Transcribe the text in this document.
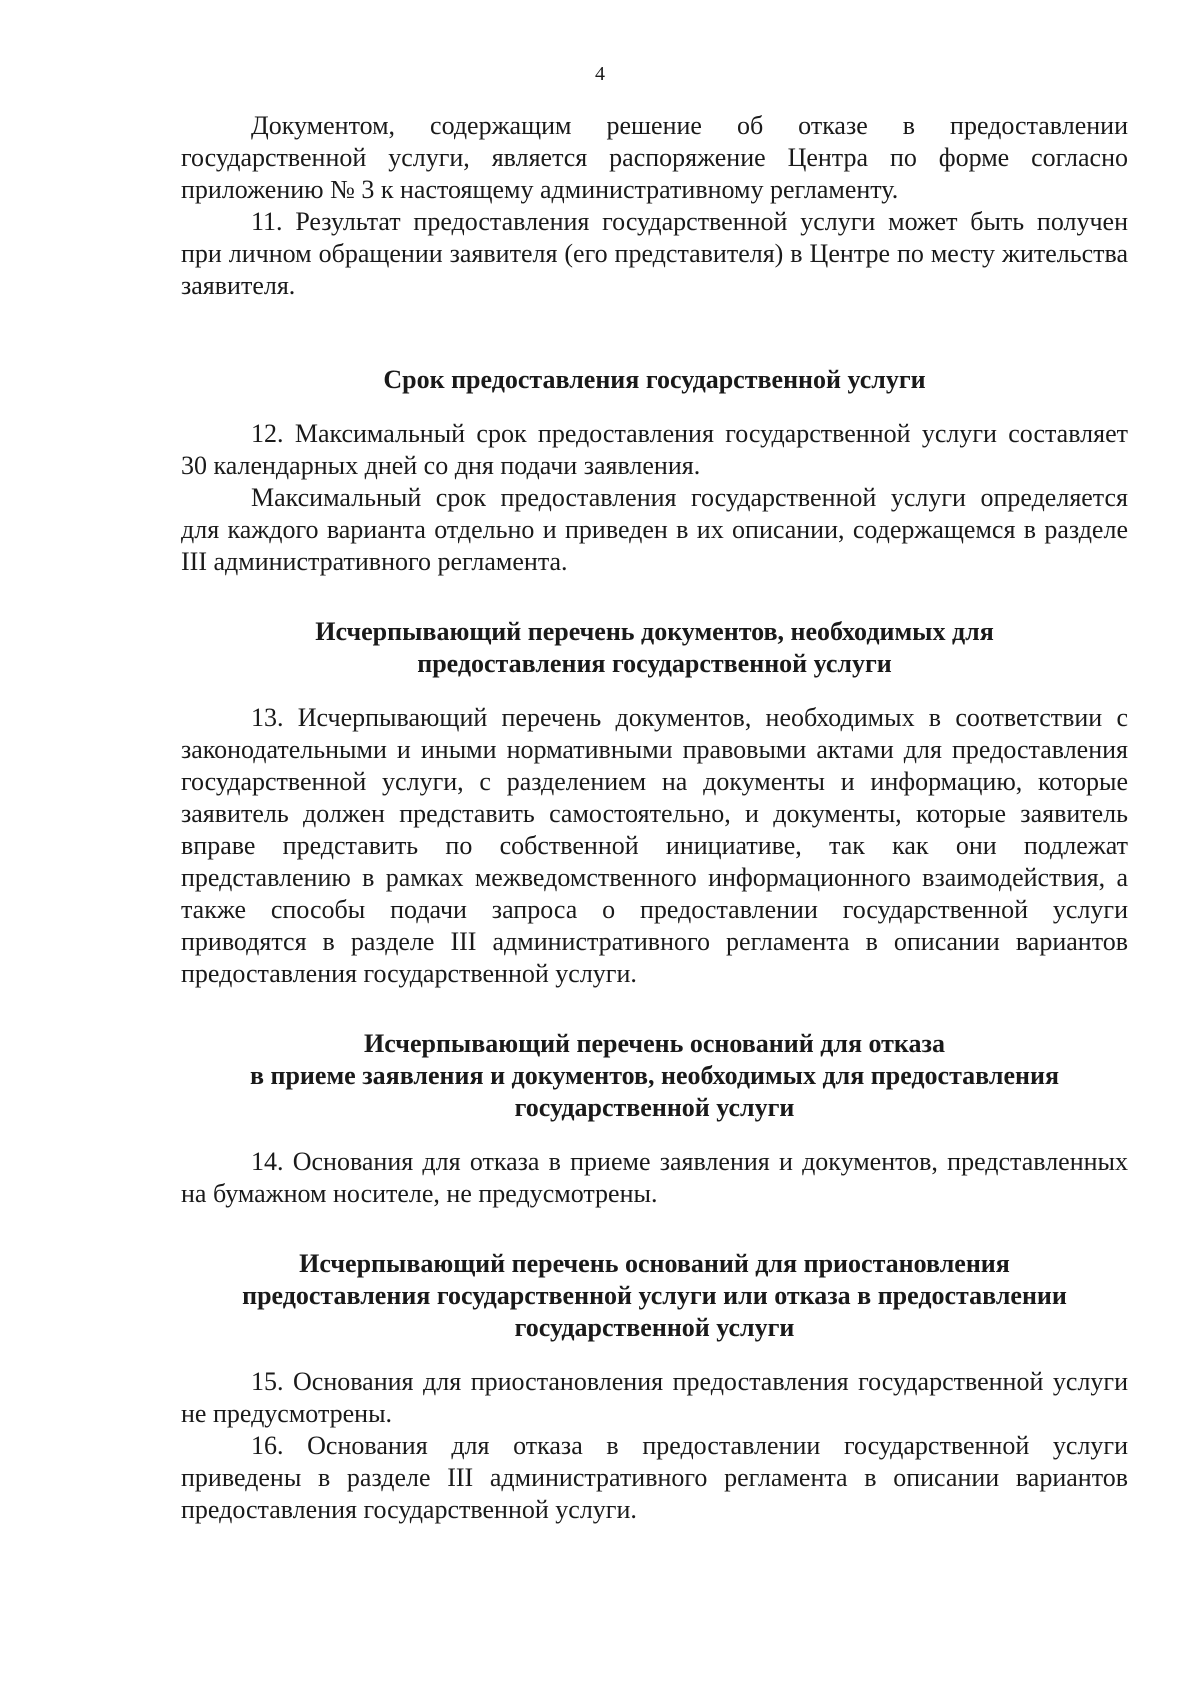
4

Документом, содержащим решение об отказе в предоставлении государственной услуги, является распоряжение Центра по форме согласно приложению № 3 к настоящему административному регламенту.

11. Результат предоставления государственной услуги может быть получен при личном обращении заявителя (его представителя) в Центре по месту жительства заявителя.

Срок предоставления государственной услуги

12. Максимальный срок предоставления государственной услуги составляет 30 календарных дней со дня подачи заявления.

Максимальный срок предоставления государственной услуги определяется для каждого варианта отдельно и приведен в их описании, содержащемся в разделе III административного регламента.

Исчерпывающий перечень документов, необходимых для
предоставления государственной услуги

13. Исчерпывающий перечень документов, необходимых в соответствии с законодательными и иными нормативными правовыми актами для предоставления государственной услуги, с разделением на документы и информацию, которые заявитель должен представить самостоятельно, и документы, которые заявитель вправе представить по собственной инициативе, так как они подлежат представлению в рамках межведомственного информационного взаимодействия, а также способы подачи запроса о предоставлении государственной услуги приводятся в разделе III административного регламента в описании вариантов предоставления государственной услуги.

Исчерпывающий перечень оснований для отказа
в приеме заявления и документов, необходимых для предоставления
государственной услуги

14. Основания для отказа в приеме заявления и документов, представленных на бумажном носителе, не предусмотрены.

Исчерпывающий перечень оснований для приостановления
предоставления государственной услуги или отказа в предоставлении
государственной услуги

15. Основания для приостановления предоставления государственной услуги не предусмотрены.

16. Основания для отказа в предоставлении государственной услуги приведены в разделе III административного регламента в описании вариантов предоставления государственной услуги.
